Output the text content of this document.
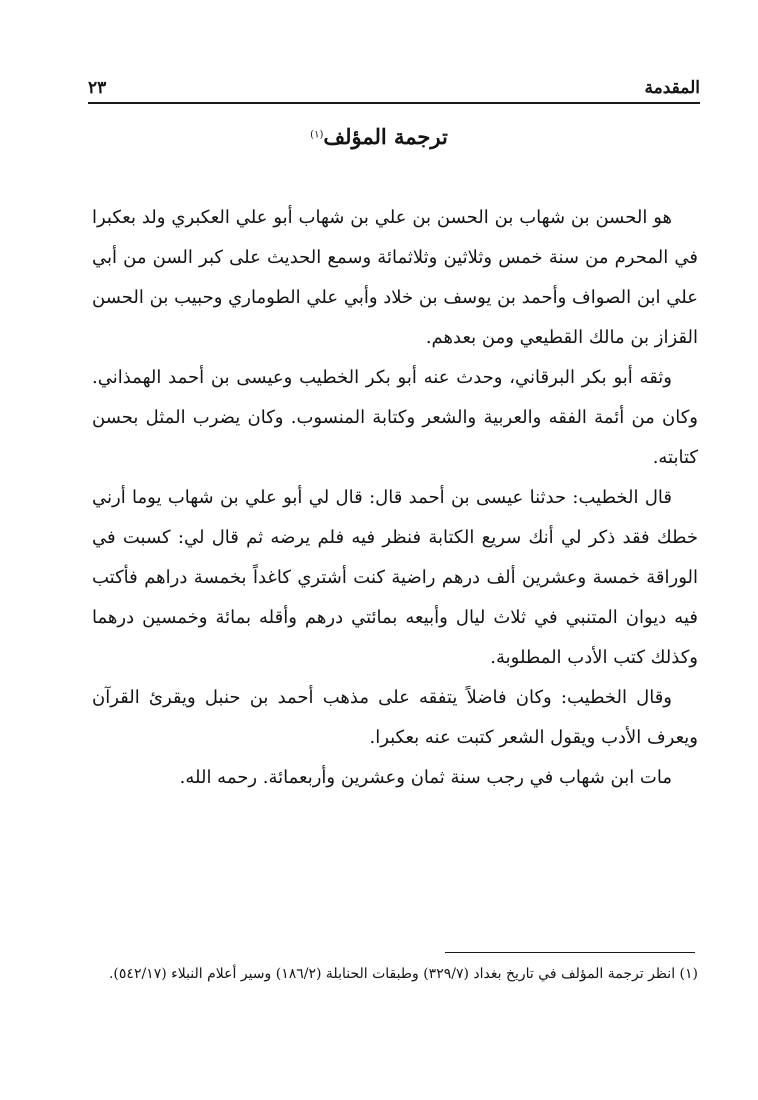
المقدمة
٢٣
ترجمة المؤلف$^{(١)}$

هو الحسن بن شهاب بن الحسن بن علي بن شهاب أبو علي العكبري ولد بعكبرا في المحرم من سنة خمس وثلاثين وثلاثمائة وسمع الحديث على كبر السن من أبي علي ابن الصواف وأحمد بن يوسف بن خلاد وأبي علي الطوماري وحبيب بن الحسن القزاز بن مالك القطيعي ومن بعدهم.

وثقه أبو بكر البرقاني، وحدث عنه أبو بكر الخطيب وعيسى بن أحمد الهمذاني. وكان من أئمة الفقه والعربية والشعر وكتابة المنسوب. وكان يضرب المثل بحسن كتابته.

قال الخطيب: حدثنا عيسى بن أحمد قال: قال لي أبو علي بن شهاب يوما أرني خطك فقد ذكر لي أنك سريع الكتابة فنظر فيه فلم يرضه ثم قال لي: كسبت في الوراقة خمسة وعشرين ألف درهم راضية كنت أشتري كاغداً بخمسة دراهم فأكتب فيه ديوان المتنبي في ثلاث ليال وأبيعه بمائتي درهم وأقله بمائة وخمسين درهما وكذلك كتب الأدب المطلوبة.

وقال الخطيب: وكان فاضلاً يتفقه على مذهب أحمد بن حنبل ويقرئ القرآن ويعرف الأدب ويقول الشعر كتبت عنه بعكبرا.

مات ابن شهاب في رجب سنة ثمان وعشرين وأربعمائة. رحمه الله.

(١) انظر ترجمة المؤلف في تاريخ بغداد (٣٢٩/٧) وطبقات الحنابلة (١٨٦/٢) وسير أعلام النبلاء (٥٤٢/١٧).
